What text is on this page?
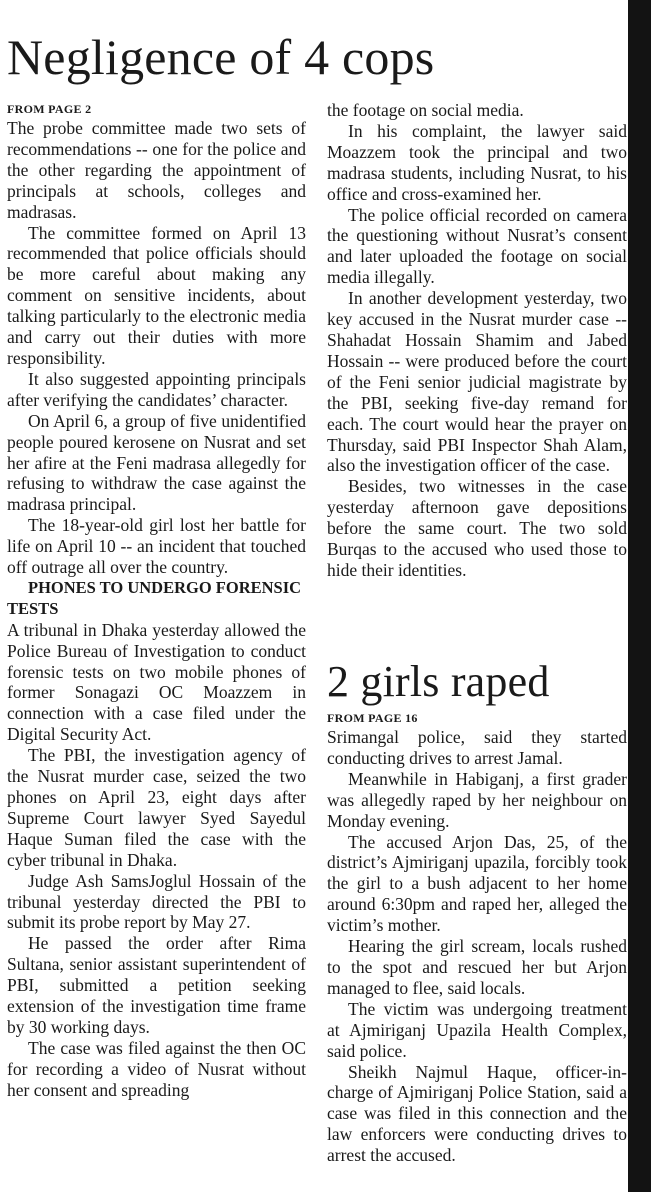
Negligence of 4 cops
FROM PAGE 2

The probe committee made two sets of recommendations -- one for the police and the other regarding the appointment of principals at schools, colleges and madrasas.

The committee formed on April 13 recommended that police officials should be more careful about making any comment on sensitive incidents, about talking particularly to the electronic media and carry out their duties with more responsibility.

It also suggested appointing principals after verifying the candidates’ character.

On April 6, a group of five unidentified people poured kerosene on Nusrat and set her afire at the Feni madrasa allegedly for refusing to withdraw the case against the madrasa principal.

The 18-year-old girl lost her battle for life on April 10 -- an incident that touched off outrage all over the country.

PHONES TO UNDERGO FORENSIC TESTS

A tribunal in Dhaka yesterday allowed the Police Bureau of Investigation to conduct forensic tests on two mobile phones of former Sonagazi OC Moazzem in connection with a case filed under the Digital Security Act.

The PBI, the investigation agency of the Nusrat murder case, seized the two phones on April 23, eight days after Supreme Court lawyer Syed Sayedul Haque Suman filed the case with the cyber tribunal in Dhaka.

Judge Ash SamsJoglul Hossain of the tribunal yesterday directed the PBI to submit its probe report by May 27.

He passed the order after Rima Sultana, senior assistant superintendent of PBI, submitted a petition seeking extension of the investigation time frame by 30 working days.

The case was filed against the then OC for recording a video of Nusrat without her consent and spreading

the footage on social media.

In his complaint, the lawyer said Moazzem took the principal and two madrasa students, including Nusrat, to his office and cross-examined her.

The police official recorded on camera the questioning without Nusrat’s consent and later uploaded the footage on social media illegally.

In another development yesterday, two key accused in the Nusrat murder case -- Shahadat Hossain Shamim and Jabed Hossain -- were produced before the court of the Feni senior judicial magistrate by the PBI, seeking five-day remand for each. The court would hear the prayer on Thursday, said PBI Inspector Shah Alam, also the investigation officer of the case.

Besides, two witnesses in the case yesterday afternoon gave depositions before the same court. The two sold Burqas to the accused who used those to hide their identities.

2 girls raped
FROM PAGE 16

Srimangal police, said they started conducting drives to arrest Jamal.

Meanwhile in Habiganj, a first grader was allegedly raped by her neighbour on Monday evening.

The accused Arjon Das, 25, of the district’s Ajmiriganj upazila, forcibly took the girl to a bush adjacent to her home around 6:30pm and raped her, alleged the victim’s mother.

Hearing the girl scream, locals rushed to the spot and rescued her but Arjon managed to flee, said locals.

The victim was undergoing treatment at Ajmiriganj Upazila Health Complex, said police.

Sheikh Najmul Haque, officer-in-charge of Ajmiriganj Police Station, said a case was filed in this connection and the law enforcers were conducting drives to arrest the accused.
